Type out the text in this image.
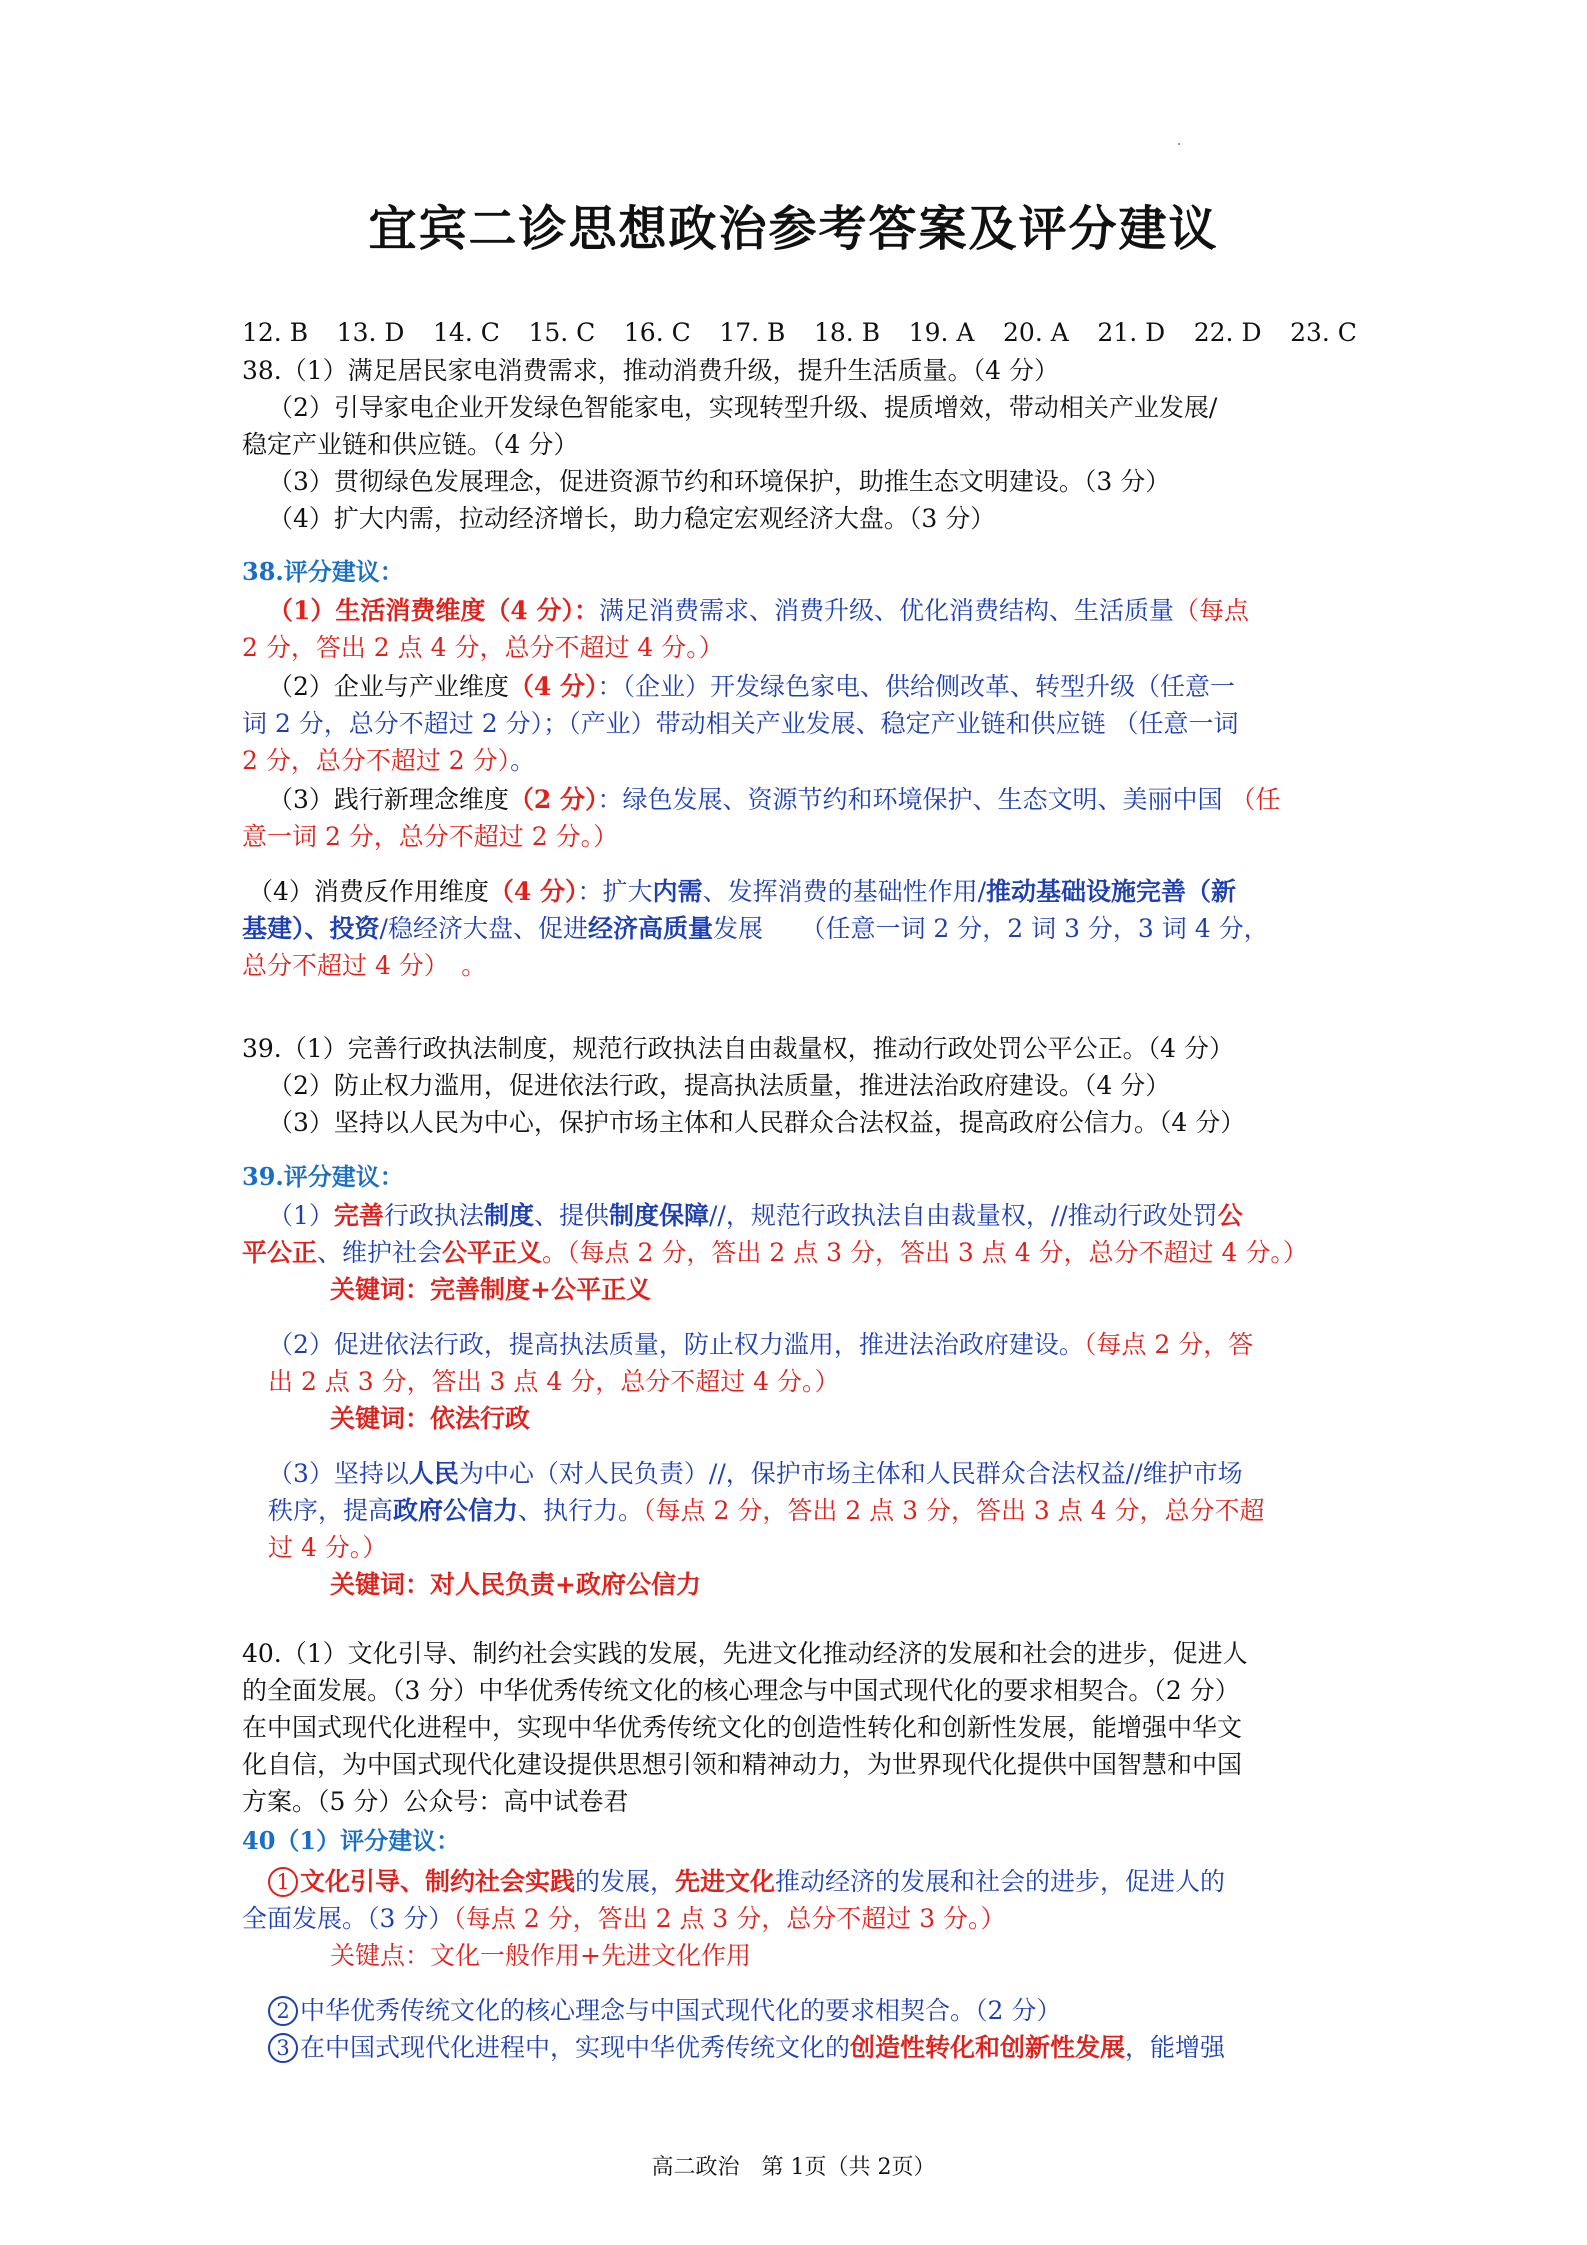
宜宾二诊思想政治参考答案及评分建议
12. B 13. D 14. C 15. C 16. C 17. B 18. B 19. A 20. A 21. D 22. D 23. C

38.（1）满足居民家电消费需求，推动消费升级，提升生活质量。（4 分）

（2）引导家电企业开发绿色智能家电，实现转型升级、提质增效，带动相关产业发展/

稳定产业链和供应链。（4 分）

（3）贯彻绿色发展理念，促进资源节约和环境保护，助推生态文明建设。（3 分）

（4）扩大内需，拉动经济增长，助力稳定宏观经济大盘。（3 分）

38.评分建议：

（1）生活消费维度（4 分）：满足消费需求、消费升级、优化消费结构、生活质量（每点

2 分，答出 2 点 4 分，总分不超过 4 分。）

（2）企业与产业维度（4 分）：（企业）开发绿色家电、供给侧改革、转型升级（任意一

词 2 分，总分不超过 2 分）；（产业）带动相关产业发展、稳定产业链和供应链 （任意一词

2 分，总分不超过 2 分）。

（3）践行新理念维度（2 分）：绿色发展、资源节约和环境保护、生态文明、美丽中国 （任

意一词 2 分，总分不超过 2 分。）

（4）消费反作用维度（4 分）：扩大内需、发挥消费的基础性作用/推动基础设施完善（新

基建）、投资/稳经济大盘、促进经济高质量发展　　（任意一词 2 分，2 词 3 分，3 词 4 分，

总分不超过 4 分）　。

39.（1）完善行政执法制度，规范行政执法自由裁量权，推动行政处罚公平公正。（4 分）

（2）防止权力滥用，促进依法行政，提高执法质量，推进法治政府建设。（4 分）

（3）坚持以人民为中心，保护市场主体和人民群众合法权益，提高政府公信力。（4 分）

39.评分建议：

（1）完善行政执法制度、提供制度保障//，规范行政执法自由裁量权，//推动行政处罚公

平公正、维护社会公平正义。（每点 2 分，答出 2 点 3 分，答出 3 点 4 分，总分不超过 4 分。）

关键词：完善制度+公平正义

（2）促进依法行政，提高执法质量，防止权力滥用，推进法治政府建设。（每点 2 分，答

出 2 点 3 分，答出 3 点 4 分，总分不超过 4 分。）

关键词：依法行政

（3）坚持以人民为中心（对人民负责）//，保护市场主体和人民群众合法权益//维护市场

秩序，提高政府公信力、执行力。（每点 2 分，答出 2 点 3 分，答出 3 点 4 分，总分不超

过 4 分。）

关键词：对人民负责+政府公信力

40.（1）文化引导、制约社会实践的发展，先进文化推动经济的发展和社会的进步，促进人

的全面发展。（3 分）中华优秀传统文化的核心理念与中国式现代化的要求相契合。（2 分）

在中国式现代化进程中，实现中华优秀传统文化的创造性转化和创新性发展，能增强中华文

化自信，为中国式现代化建设提供思想引领和精神动力，为世界现代化提供中国智慧和中国

方案。（5 分）公众号：高中试卷君

40（1）评分建议：

1 文化引导、制约社会实践的发展，先进文化推动经济的发展和社会的进步，促进人的

全面发展。（3 分）（每点 2 分，答出 2 点 3 分，总分不超过 3 分。）

关键点：文化一般作用+先进文化作用

2 中华优秀传统文化的核心理念与中国式现代化的要求相契合。（2 分）

3 在中国式现代化进程中，实现中华优秀传统文化的创造性转化和创新性发展，能增强

高二政治　第 1页（共 2页）
